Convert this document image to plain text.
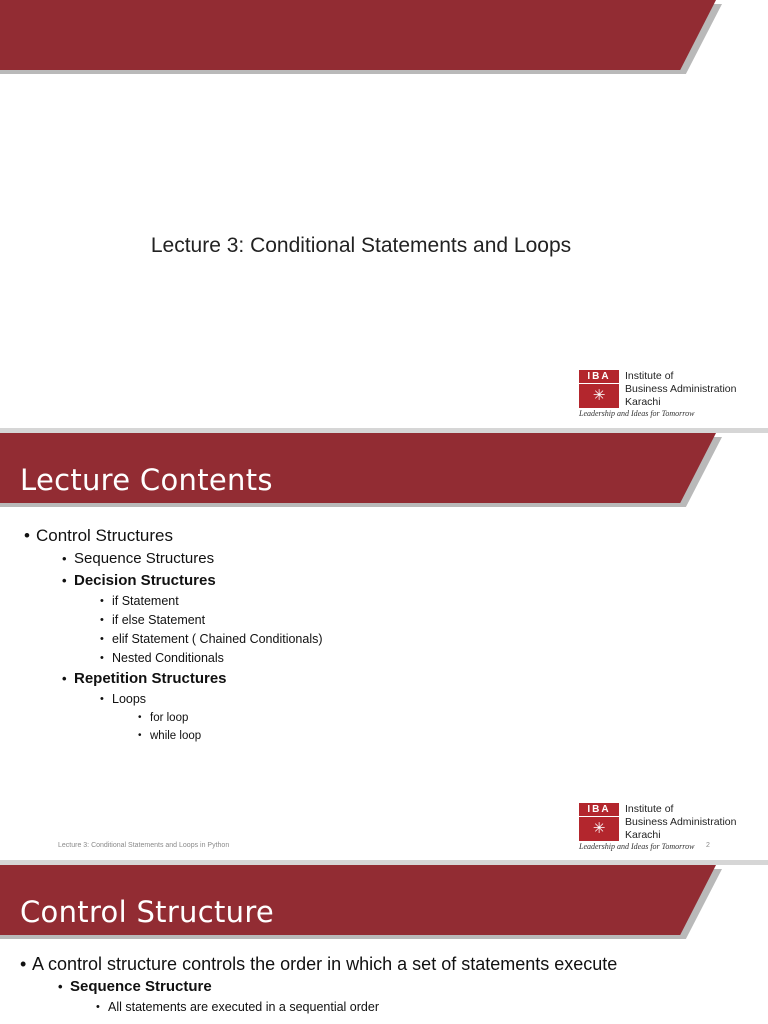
Lecture 3: Conditional Statements and Loops
IBA
✳
Institute of
Business Administration
Karachi
Leadership and Ideas for Tomorrow
Lecture Contents
• Control Structures
• Sequence Structures
• Decision Structures
• if Statement
• if else Statement
• elif Statement ( Chained Conditionals)
• Nested Conditionals
• Repetition Structures
• Loops
• for loop
• while loop
Lecture 3: Conditional Statements and Loops in Python
IBA
✳
Institute of
Business Administration
Karachi
Leadership and Ideas for Tomorrow 2
Control Structure
• A control structure controls the order in which a set of statements execute
• Sequence Structure
• All statements are executed in a sequential order
